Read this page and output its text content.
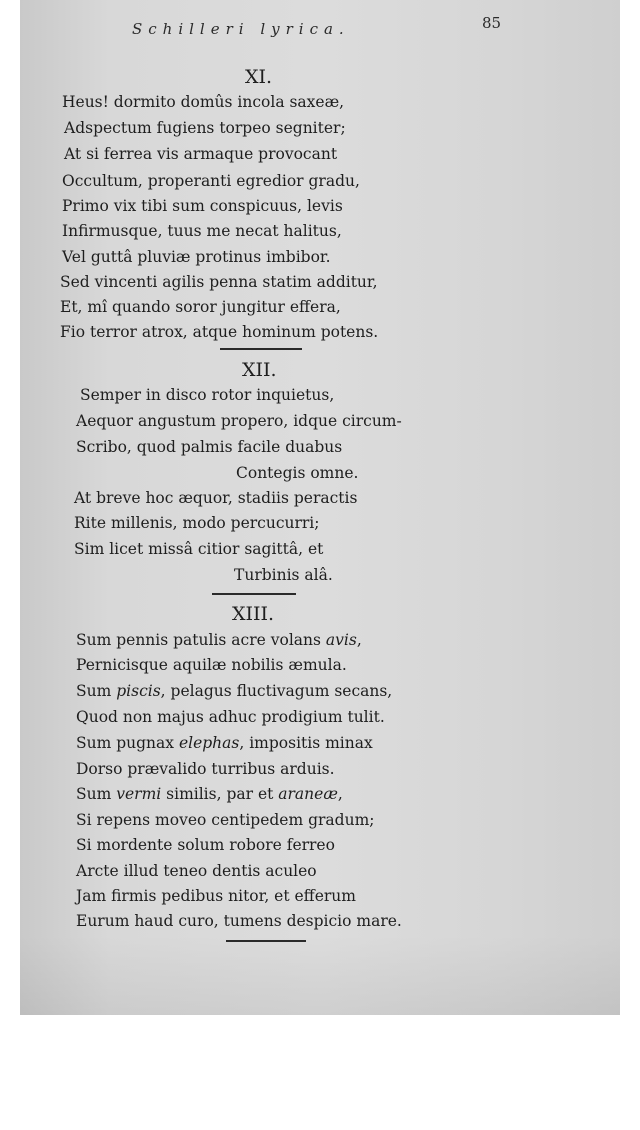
Schilleri lyrica.	85
XI.
Heus! dormito domûs incola saxeæ,
Adspectum fugiens torpeo segniter;
At si ferrea vis armaque provocant
Occultum, properanti egredior gradu,
Primo vix tibi sum conspicuus, levis
Infirmusque, tuus me necat halitus,
Vel guttâ pluviæ protinus imbibor.
Sed vincenti agilis penna statim additur,
Et, mî quando soror jungitur effera,
Fio terror atrox, atque hominum potens.
XII.
Semper in disco rotor inquietus,
Aequor angustum propero, idque circum-
Scribo, quod palmis facile duabus
Contegis omne.
At breve hoc æquor, stadiis peractis
Rite millenis, modo percucurri;
Sim licet missâ citior sagittâ, et
Turbinis alâ.
XIII.
Sum pennis patulis acre volans avis,
Pernicisque aquilæ nobilis æmula.
Sum piscis, pelagus fluctivagum secans,
Quod non majus adhuc prodigium tulit.
Sum pugnax elephas, impositis minax
Dorso prævalido turribus arduis.
Sum vermi similis, par et araneæ,
Si repens moveo centipedem gradum;
Si mordente solum robore ferreo
Arcte illud teneo dentis aculeo
Jam firmis pedibus nitor, et efferum
Eurum haud curo, tumens despicio mare.
